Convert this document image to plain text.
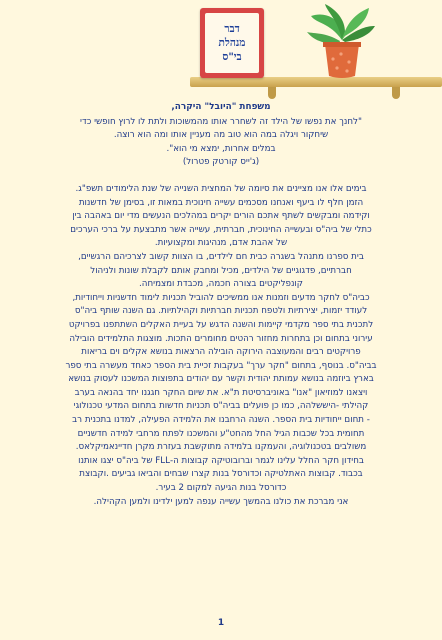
דבר
מנהלת
בי"ס
משפחת "היובל" היקרה,

"לחנך את נפשו של הילד זה לשחרר אותו מהמשוכות ולתת לו לרוץ חופשי כדי

שיחקור ויגלה במה הוא טוב מה מעניין אותו ומה הוא רוצה.

במלים אחרות, ימצא מי הוא".

(ג'ייס קורטק פטרול)

בימים אלו אנו מציינים את סיומה של המחצית השנייה של שנת הלימודים תשפ"ג.

הזמן חלף לו ביעף ואנחנו מסכמים עשייה חינוכית במאות זו, בסימן של חדשנות

וקידמה ומבקשים לשתף אתכם הורים יקרים במהלכים הנעשים מדי יום באהבה בין

כתלי של ביה"ס ובעשייה החינוכית, חברתית, עשייה אשר מתבצעת על ברכי הערכים

של אהבת אדם, מנהיגות ומקצועיות.

בית ספרנו מתנהל בשגרה כבית חם לילדים, בו הצוות קשוב לצרכיהם הרגשיים,

חברתיים, פדגוגיים של הילדים, מכיל ומחבק אותם לקבלת שונות ולניהול

קונפליקטים בצורה חכמה, מכבדת ומצמיחה.

כביה"ס לחקר מדעים וזמנות אנו ממשיכים להוביל תכניות לימוד חדשניות וייחודיות,

לעודד יזמות, יצירתיות ולטפח תכניות חברתיות וקהילתיות. גם השנה שותף ביה"ס

לתכנית בתי ספר מקדמי קיימות והשנה הדגש על בעיית האקלים השתתפנו בפרויקט

עירוני בתחום וכן בתחרות מחזור רהטים מחומרים התכות. מוצגות התלמידים הובילה

פרויקטים רבים והמעוצבה הירוקה הובילה הרצאות בנושא אקלים וים בריאות

בביה"ס. בנוסף, בתחום "חקר ערך" בעקבות זכיית בית הספר כאחד מעשרה בתי ספר

בארץ ביוזמה בנושא עמותת יהודית וקשר עם יהודים בתפוצות המשכנו לעסוק בנושא

ויצאנו למוזיאון "אנו" באוניברסיטת ת"א. את שיום החקר חגגנו יחד בהנאה בערב

קהילתי -היששלהה, כמו כן פועלים בביה"ס תכניות חדשות בתחום המדעי טכנולוגי

- תחום ייחודיות בית הספר. השנה הרחבנו את הלמידה הפעילה, למדנו בתכנית רב

תחומית בכל שכבות הגיל החל מהחט"ע והמשכנו לפתח מרחבי למידה חדשניים

משולבים בטכנולוגיה, והעמקנו בלמידה מתוקשבת בעזרת מקרן חדיינאמיקלאס.

בחידון חקר החלל עלינו לגמר וברובוטיקה קבוצות ה-FLL של ביה"ס יצגו אותנו

בכבוד. קבוצות האתלטיקה וכדורסל בנות קצרו שבחים והביאו גביעים .וקבוצת

כדורסל בנות הגיעה למקום 2 בעיר.

אני מברכת את כולנו בהמשך עשייה ענפה למען ילדינו ולמען הקהילה.

1
